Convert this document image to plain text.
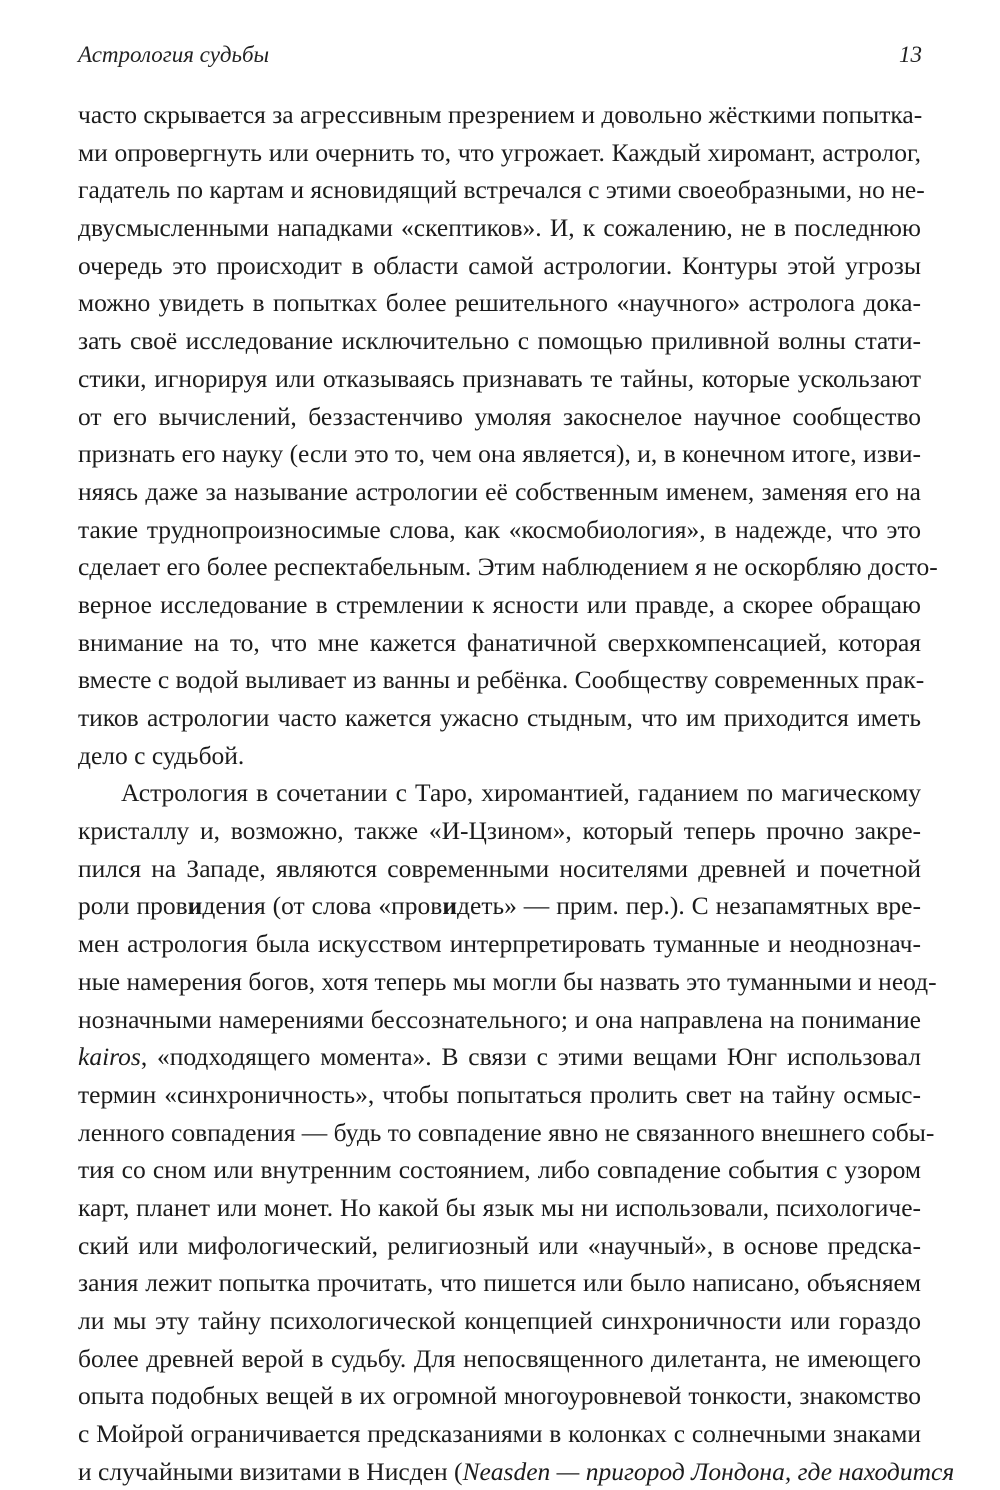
Астрология судьбы	13
часто скрывается за агрессивным презрением и довольно жёсткими попытка-
ми опровергнуть или очернить то, что угрожает. Каждый хиромант, астролог,
гадатель по картам и ясновидящий встречался с этими своеобразными, но не-
двусмысленными нападками «скептиков». И, к сожалению, не в последнюю
очередь это происходит в области самой астрологии. Контуры этой угрозы
можно увидеть в попытках более решительного «научного» астролога дока-
зать своё исследование исключительно с помощью приливной волны стати-
стики, игнорируя или отказываясь признавать те тайны, которые ускользают
от его вычислений, беззастенчиво умоляя закоснелое научное сообщество
признать его науку (если это то, чем она является), и, в конечном итоге, изви-
няясь даже за называние астрологии её собственным именем, заменяя его на
такие труднопроизносимые слова, как «космобиология», в надежде, что это
сделает его более респектабельным. Этим наблюдением я не оскорбляю досто-
верное исследование в стремлении к ясности или правде, а скорее обращаю
внимание на то, что мне кажется фанатичной сверхкомпенсацией, которая
вместе с водой выливает из ванны и ребёнка. Сообществу современных прак-
тиков астрологии часто кажется ужасно стыдным, что им приходится иметь
дело с судьбой.
Астрология в сочетании с Таро, хиромантией, гаданием по магическому
кристаллу и, возможно, также «И-Цзином», который теперь прочно закре-
пился на Западе, являются современными носителями древней и почетной
роли провидения (от слова «провидеть» — прим. пер.). С незапамятных вре-
мен астрология была искусством интерпретировать туманные и неоднознач-
ные намерения богов, хотя теперь мы могли бы назвать это туманными и неод-
нозначными намерениями бессознательного; и она направлена на понимание
kairos, «подходящего момента». В связи с этими вещами Юнг использовал
термин «синхроничность», чтобы попытаться пролить свет на тайну осмыс-
ленного совпадения — будь то совпадение явно не связанного внешнего собы-
тия со сном или внутренним состоянием, либо совпадение события с узором
карт, планет или монет. Но какой бы язык мы ни использовали, психологиче-
ский или мифологический, религиозный или «научный», в основе предска-
зания лежит попытка прочитать, что пишется или было написано, объясняем
ли мы эту тайну психологической концепцией синхроничности или гораздо
более древней верой в судьбу. Для непосвященного дилетанта, не имеющего
опыта подобных вещей в их огромной многоуровневой тонкости, знакомство
с Мойрой ограничивается предсказаниями в колонках с солнечными знаками
и случайными визитами в Нисден (Neasden — пригород Лондона, где находится
